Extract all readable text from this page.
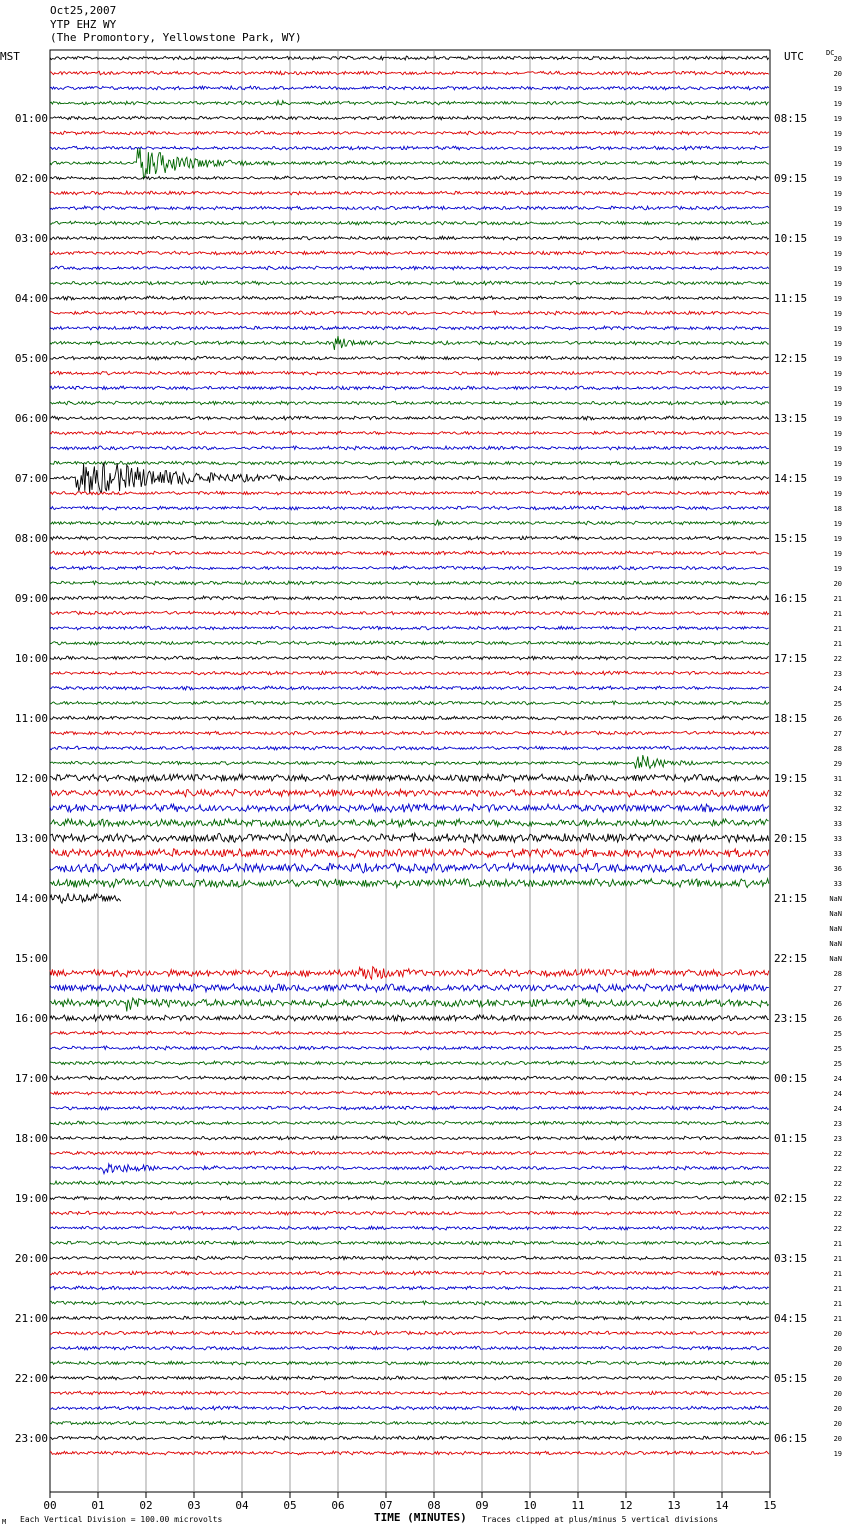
Oct25,2007
YTP EHZ WY
(The Promontory, Yellowstone Park, WY)
MST	UTC	DC
00	01	02	03	04	05	06	07	08	09	10	11	12	13	14	15
20
20
19
19
19
19
19
19
19
19
19
19
19
19
19
19
19
19
19
19
19
19
19
19
19
19
19
19
19
19
18
19
19
19
19
20
21
21
21
21
22
23
24
25
26
27
28
29
31
32
32
33
33
33
36
33
NaN
NaN
NaN
NaN
NaN
28
27
26
26
25
25
25
24
24
24
23
23
22
22
22
22
22
22
21
21
21
21
21
21
20
20
20
20
20
20
20
20
19
01:00
02:00
03:00
04:00
05:00
06:00
07:00
08:00
09:00
10:00
11:00
12:00
13:00
14:00
15:00
16:00
17:00
18:00
19:00
20:00
21:00
22:00
23:00
08:15
09:15
10:15
11:15
12:15
13:15
14:15
15:15
16:15
17:15
18:15
19:15
20:15
21:15
22:15
23:15
00:15
01:15
02:15
03:15
04:15
05:15
06:15
TIME (MINUTES)
Each Vertical Division = 100.00 microvolts	Traces clipped at plus/minus 5 vertical divisions
M
